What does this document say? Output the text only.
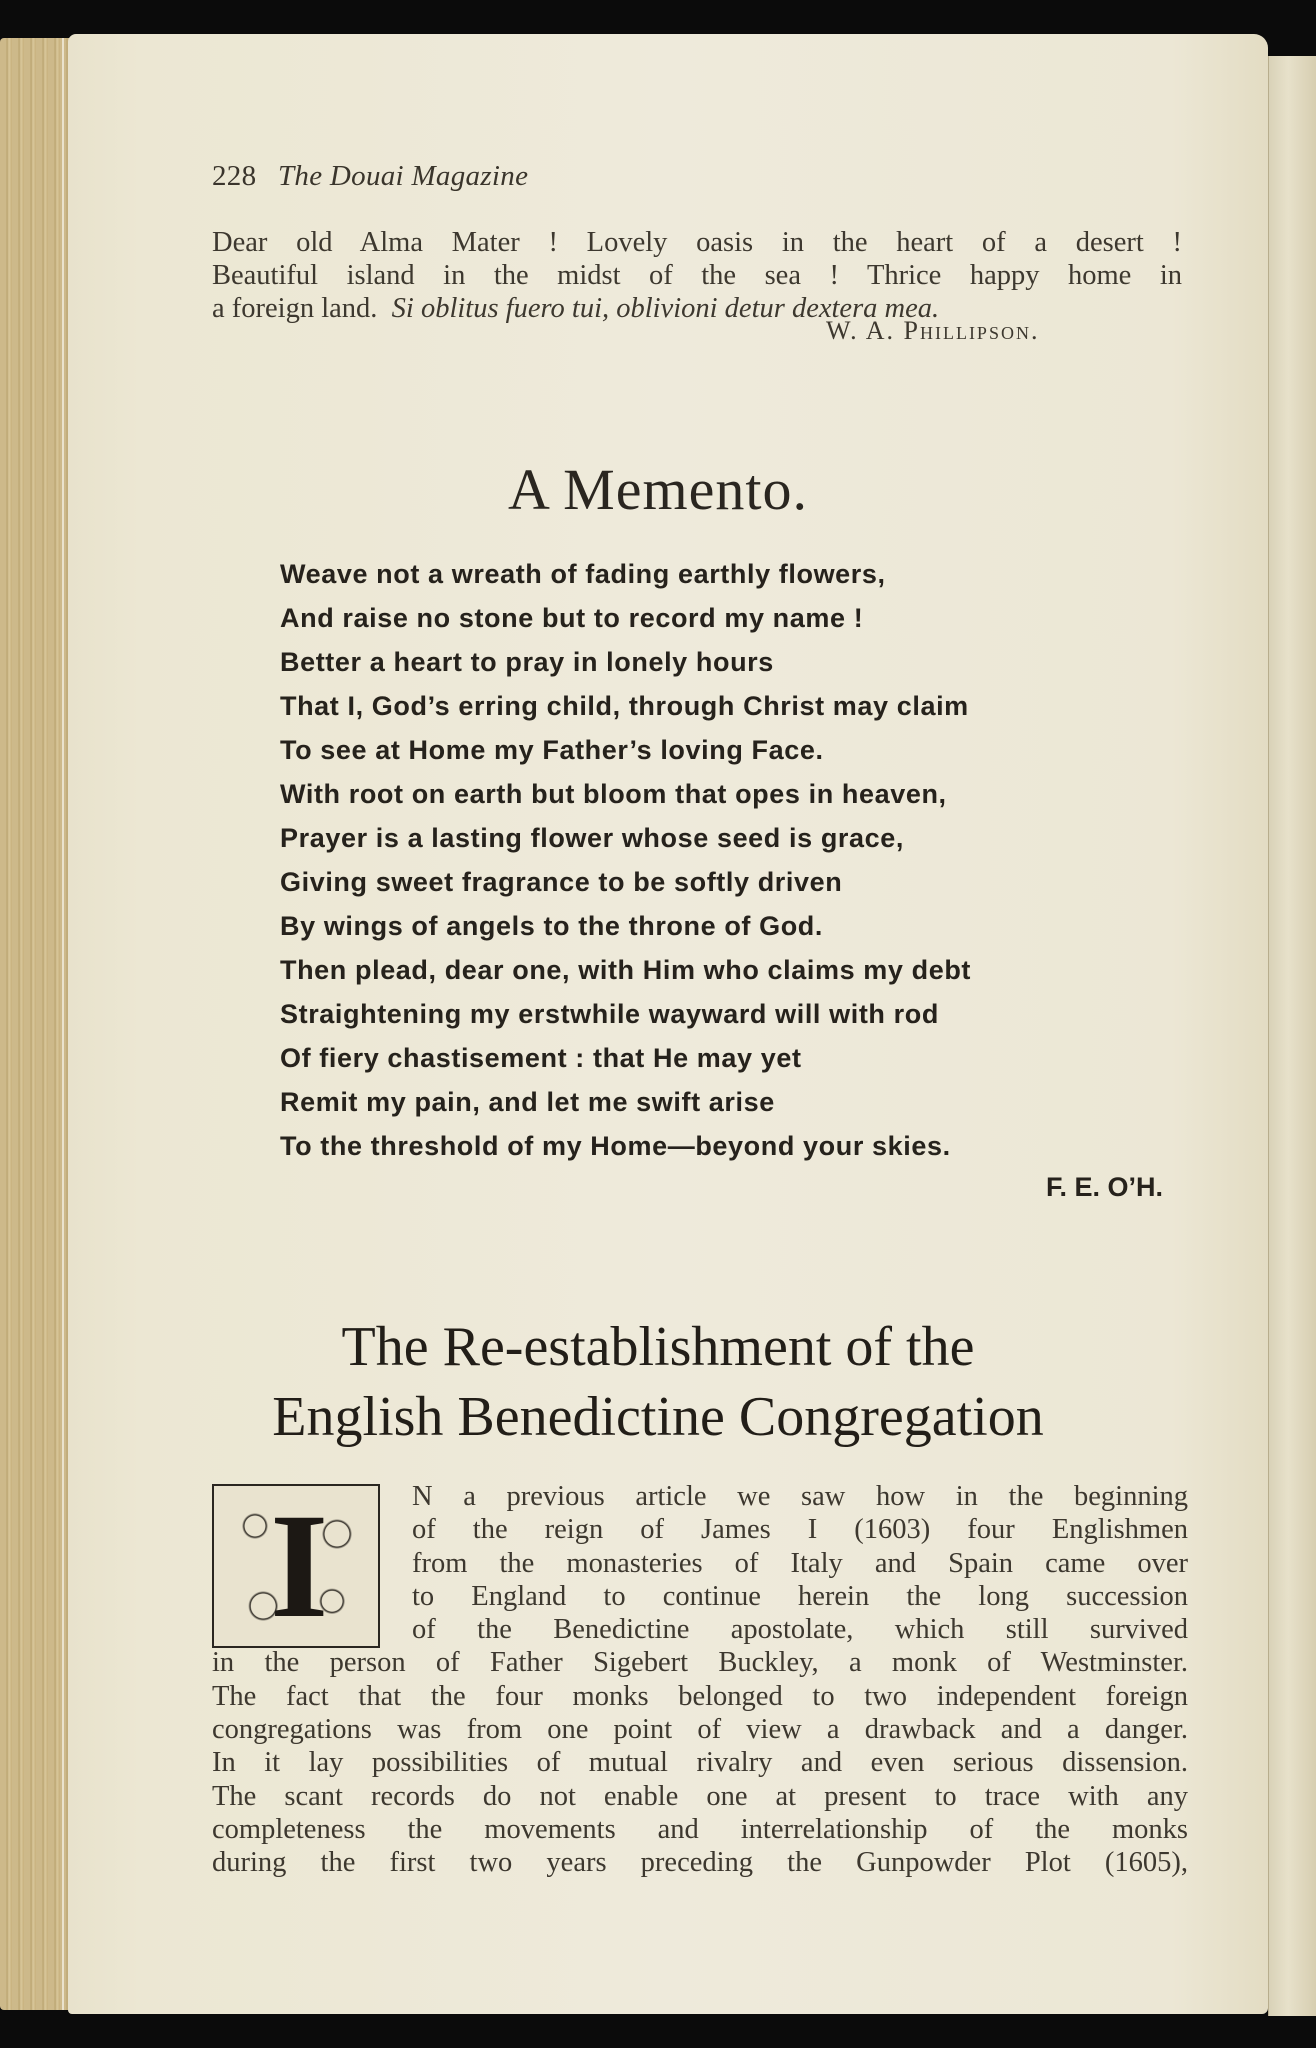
228 The Douai Magazine

Dear old Alma Mater ! Lovely oasis in the heart of a desert !

Beautiful island in the midst of the sea ! Thrice happy home in

a foreign land.  Si oblitus fuero tui, oblivioni detur dextera mea.

W. A. Phillipson.
A Memento.
Weave not a wreath of fading earthly flowers,
And raise no stone but to record my name !
Better a heart to pray in lonely hours
That I, God’s erring child, through Christ may claim
To see at Home my Father’s loving Face.
With root on earth but bloom that opes in heaven,
Prayer is a lasting flower whose seed is grace,
Giving sweet fragrance to be softly driven
By wings of angels to the throne of God.
Then plead, dear one, with Him who claims my debt
Straightening my erstwhile wayward will with rod
Of fiery chastisement : that He may yet
Remit my pain, and let me swift arise
To the threshold of my Home—beyond your skies.
F. E. O’H.
The Re-establishment of the
English Benedictine Congregation
I	N a previous article we saw how in the beginning
of the reign of James I (1603) four Englishmen
from the monasteries of Italy and Spain came over
to England to continue herein the long succession
of the Benedictine apostolate, which still survived
in the person of Father Sigebert Buckley, a monk of Westminster.
The fact that the four monks belonged to two independent foreign
congregations was from one point of view a drawback and a danger.
In it lay possibilities of mutual rivalry and even serious dissension.
The scant records do not enable one at present to trace with any
completeness the movements and interrelationship of the monks
during the first two years preceding the Gunpowder Plot (1605),
